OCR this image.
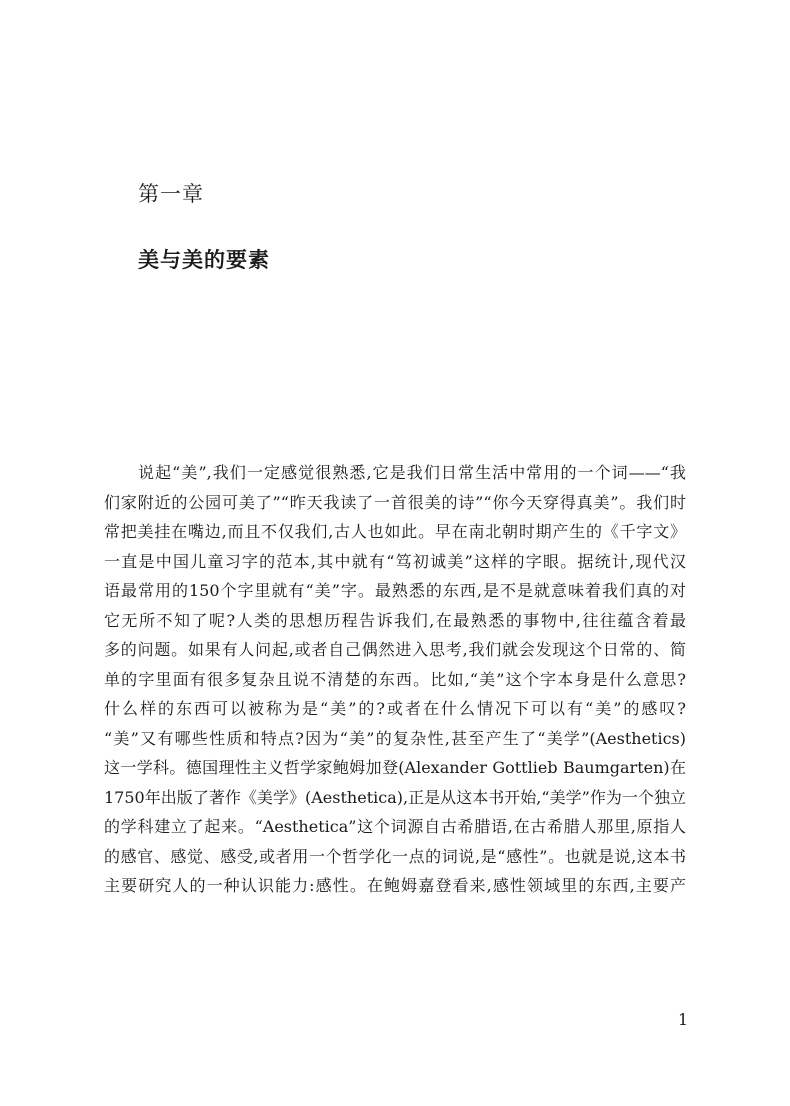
第一章
美与美的要素
说起“美”,我们一定感觉很熟悉,它是我们日常生活中常用的一个词——“我
们家附近的公园可美了”“昨天我读了一首很美的诗”“你今天穿得真美”。我们时
常把美挂在嘴边,而且不仅我们,古人也如此。早在南北朝时期产生的《千字文》
一直是中国儿童习字的范本,其中就有“笃初诚美”这样的字眼。据统计,现代汉
语最常用的150个字里就有“美”字。最熟悉的东西,是不是就意味着我们真的对
它无所不知了呢?人类的思想历程告诉我们,在最熟悉的事物中,往往蕴含着最
多的问题。如果有人问起,或者自己偶然进入思考,我们就会发现这个日常的、简
单的字里面有很多复杂且说不清楚的东西。比如,“美”这个字本身是什么意思?
什么样的东西可以被称为是“美”的?或者在什么情况下可以有“美”的感叹?
“美”又有哪些性质和特点?因为“美”的复杂性,甚至产生了“美学”(Aesthetics)
这一学科。德国理性主义哲学家鲍姆加登(Alexander Gottlieb Baumgarten)在
1750年出版了著作《美学》(Aesthetica),正是从这本书开始,“美学”作为一个独立
的学科建立了起来。“Aesthetica”这个词源自古希腊语,在古希腊人那里,原指人
的感官、感觉、感受,或者用一个哲学化一点的词说,是“感性”。也就是说,这本书
主要研究人的一种认识能力:感性。在鲍姆嘉登看来,感性领域里的东西,主要产
1
